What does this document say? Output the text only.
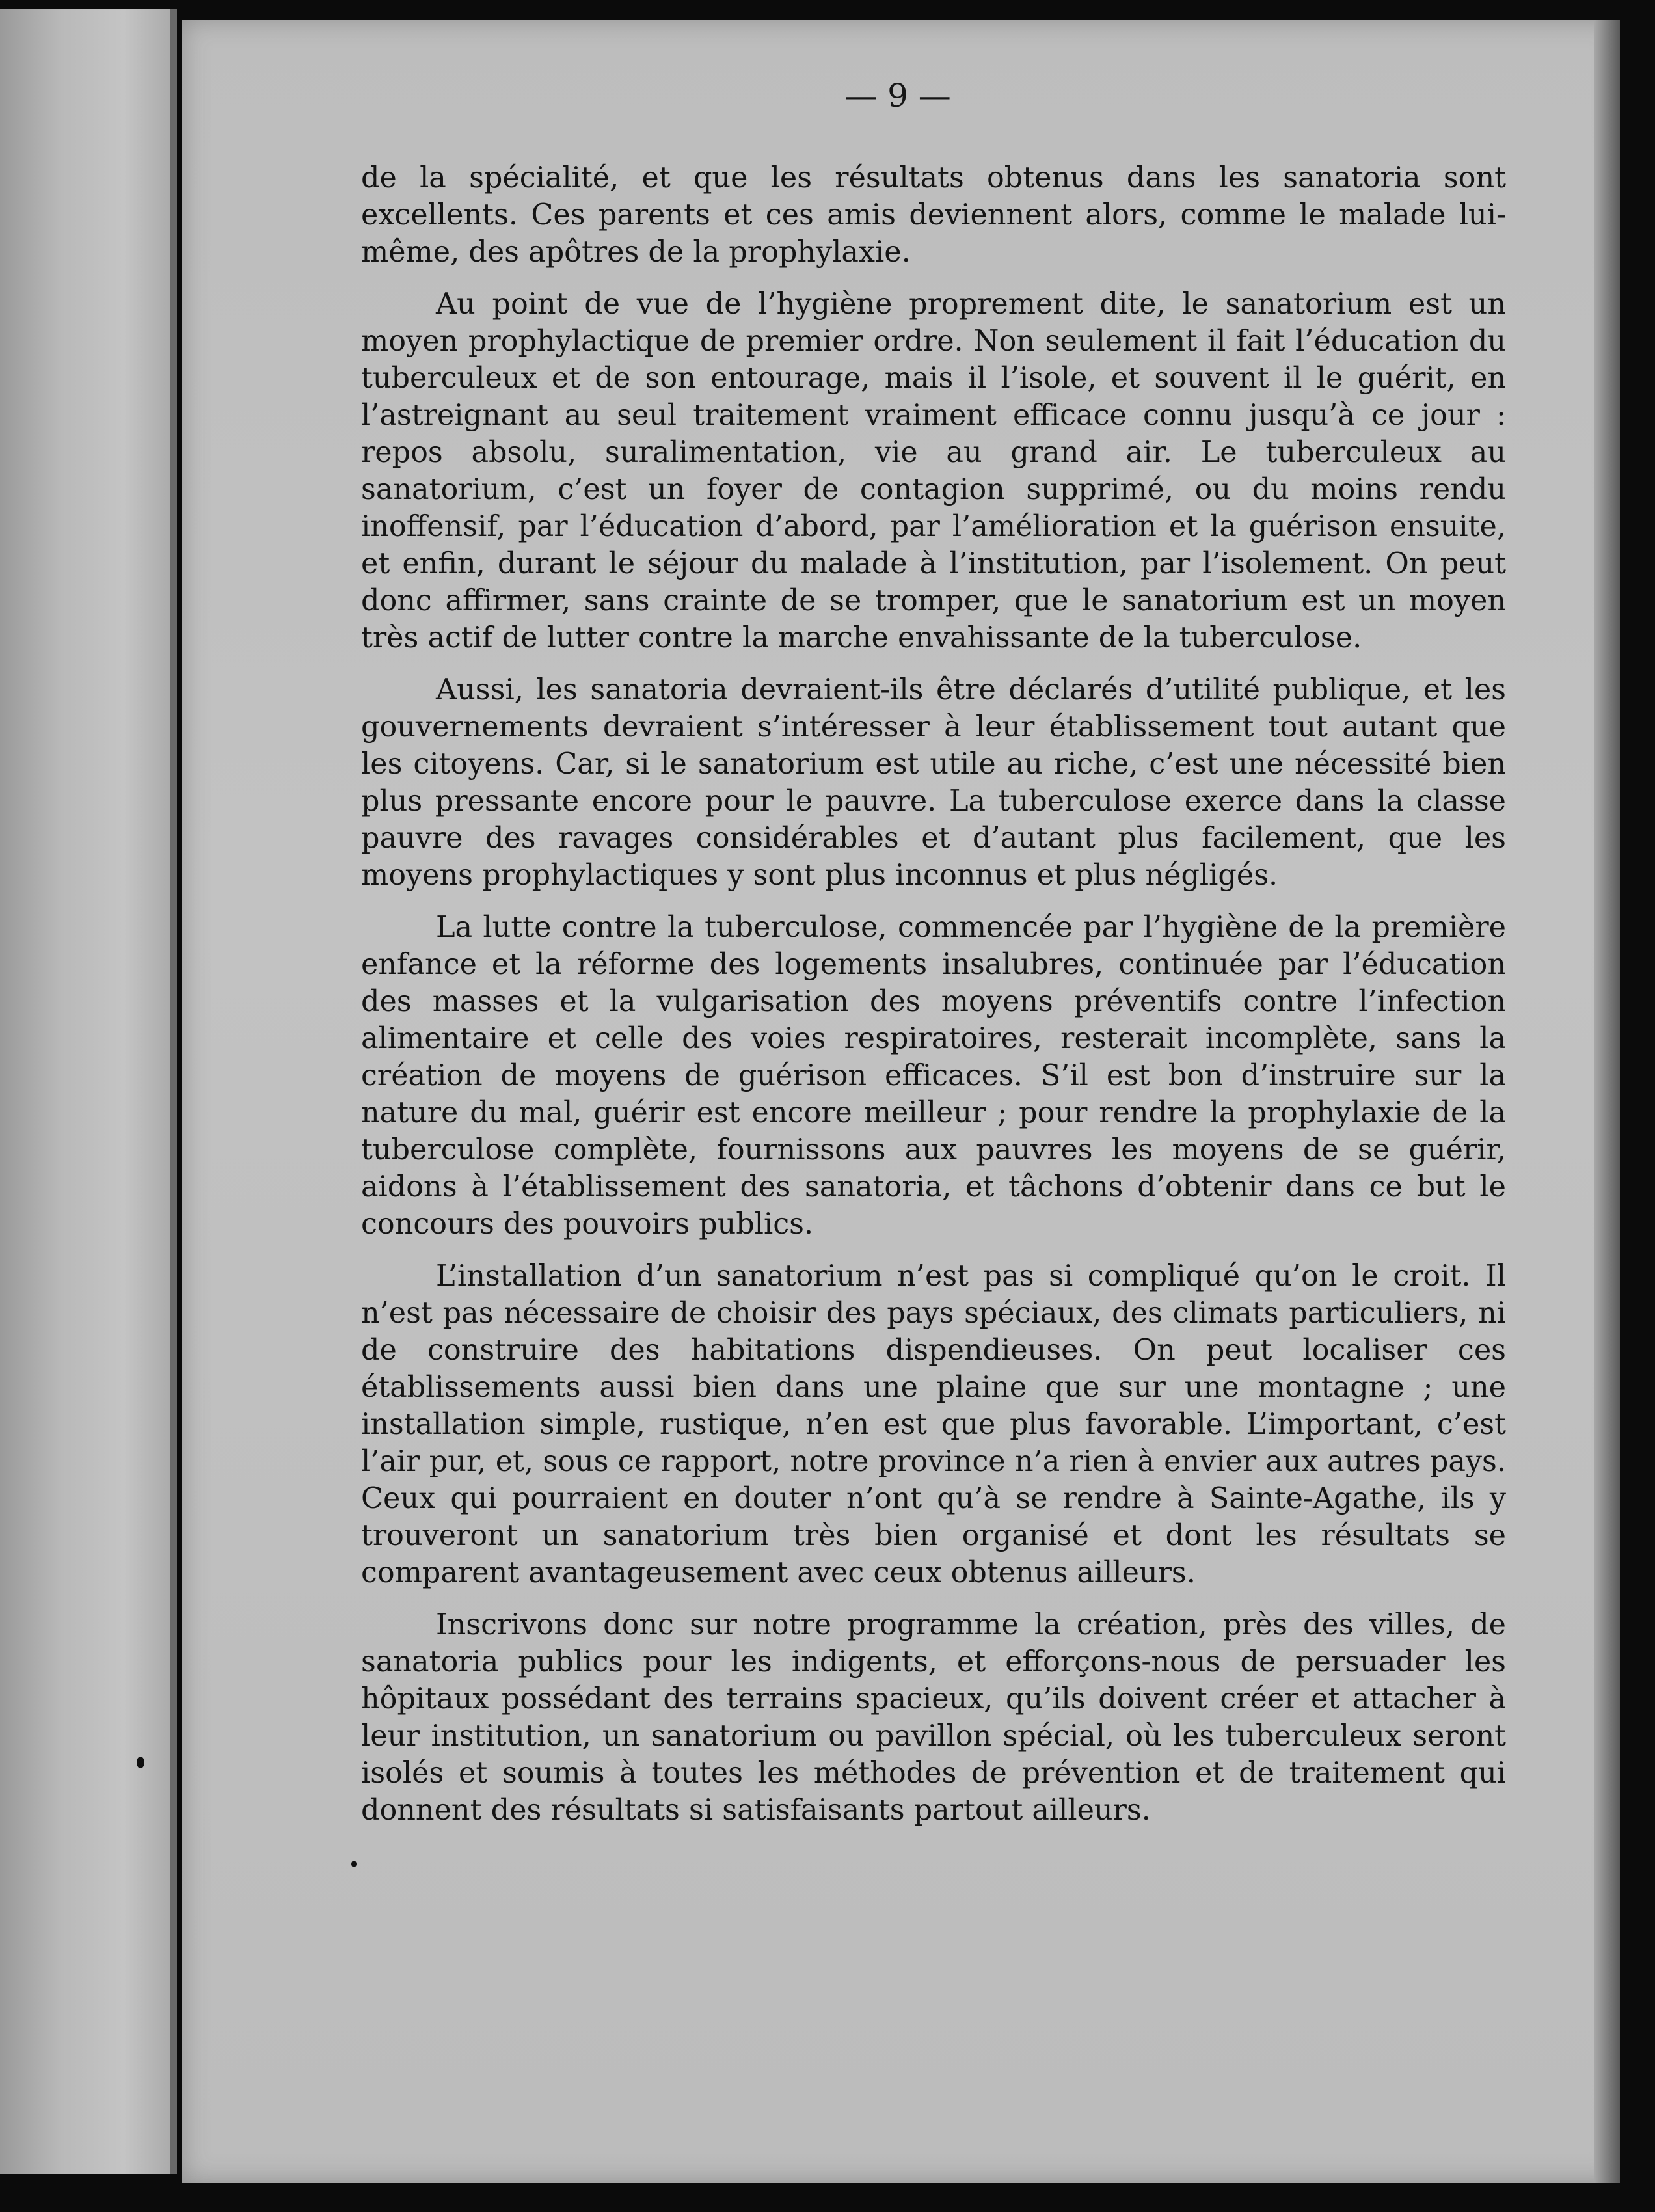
— 9 —

de la spécialité, et que les résultats obtenus dans les sanatoria sont excellents. Ces parents et ces amis deviennent alors, comme le malade lui-même, des apôtres de la prophylaxie.

Au point de vue de l’hygiène proprement dite, le sanatorium est un moyen prophylactique de premier ordre. Non seulement il fait l’éducation du tuberculeux et de son entourage, mais il l’isole, et souvent il le guérit, en l’astreignant au seul traitement vraiment efficace connu jusqu’à ce jour : repos absolu, suralimentation, vie au grand air. Le tuberculeux au sanatorium, c’est un foyer de contagion supprimé, ou du moins rendu inoffensif, par l’éducation d’abord, par l’amélioration et la guérison ensuite, et enfin, durant le séjour du malade à l’institution, par l’isolement. On peut donc affirmer, sans crainte de se tromper, que le sanatorium est un moyen très actif de lutter contre la marche envahissante de la tuberculose.

Aussi, les sanatoria devraient-ils être déclarés d’utilité publique, et les gouvernements devraient s’intéresser à leur établissement tout autant que les citoyens. Car, si le sanatorium est utile au riche, c’est une nécessité bien plus pressante encore pour le pauvre. La tuberculose exerce dans la classe pauvre des ravages considérables et d’autant plus facilement, que les moyens prophylactiques y sont plus inconnus et plus négligés.

La lutte contre la tuberculose, commencée par l’hygiène de la première enfance et la réforme des logements insalubres, continuée par l’éducation des masses et la vulgarisation des moyens préventifs contre l’infection alimentaire et celle des voies respiratoires, resterait incomplète, sans la création de moyens de guérison efficaces. S’il est bon d’instruire sur la nature du mal, guérir est encore meilleur ; pour rendre la prophylaxie de la tuberculose complète, fournissons aux pauvres les moyens de se guérir, aidons à l’établissement des sanatoria, et tâchons d’obtenir dans ce but le concours des pouvoirs publics.

L’installation d’un sanatorium n’est pas si compliqué qu’on le croit. Il n’est pas nécessaire de choisir des pays spéciaux, des climats particuliers, ni de construire des habitations dispendieuses. On peut localiser ces établissements aussi bien dans une plaine que sur une montagne ; une installation simple, rustique, n’en est que plus favorable. L’important, c’est l’air pur, et, sous ce rapport, notre province n’a rien à envier aux autres pays. Ceux qui pourraient en douter n’ont qu’à se rendre à Sainte-Agathe, ils y trouveront un sanatorium très bien organisé et dont les résultats se comparent avantageusement avec ceux obtenus ailleurs.

Inscrivons donc sur notre programme la création, près des villes, de sanatoria publics pour les indigents, et efforçons-nous de persuader les hôpitaux possédant des terrains spacieux, qu’ils doivent créer et attacher à leur institution, un sanatorium ou pavillon spécial, où les tuberculeux seront isolés et soumis à toutes les méthodes de prévention et de traitement qui donnent des résultats si satisfaisants partout ailleurs.
